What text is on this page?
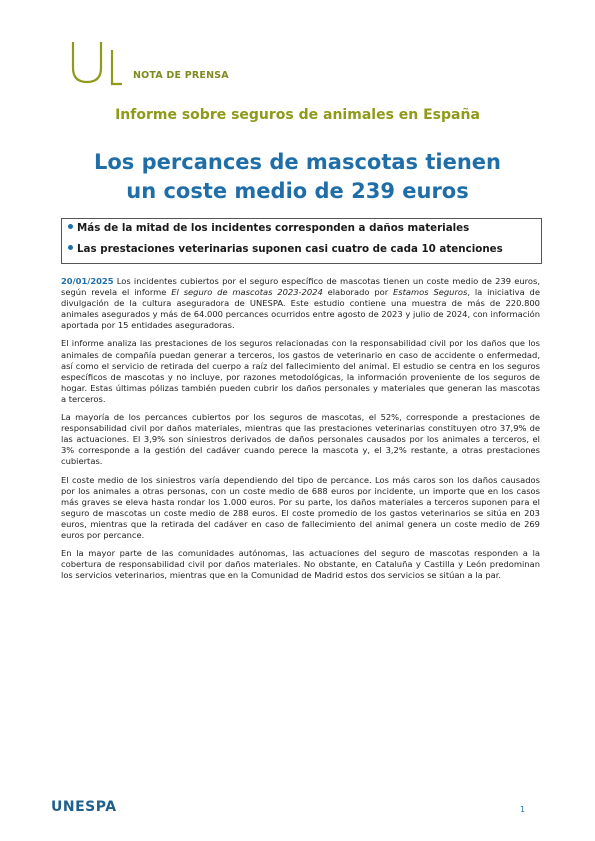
NOTA DE PRENSA
Informe sobre seguros de animales en España
Los percances de mascotas tienen
un coste medio de 239 euros
Más de la mitad de los incidentes corresponden a daños materiales
Las prestaciones veterinarias suponen casi cuatro de cada 10 atenciones

20/01/2025 Los incidentes cubiertos por el seguro específico de mascotas tienen un coste medio de 239 euros, según revela el informe El seguro de mascotas 2023-2024 elaborado por Estamos Seguros, la iniciativa de divulgación de la cultura aseguradora de UNESPA. Este estudio contiene una muestra de más de 220.800 animales asegurados y más de 64.000 percances ocurridos entre agosto de 2023 y julio de 2024, con información aportada por 15 entidades aseguradoras.

El informe analiza las prestaciones de los seguros relacionadas con la responsabilidad civil por los daños que los animales de compañía puedan generar a terceros, los gastos de veterinario en caso de accidente o enfermedad, así como el servicio de retirada del cuerpo a raíz del fallecimiento del animal. El estudio se centra en los seguros específicos de mascotas y no incluye, por razones metodológicas, la información proveniente de los seguros de hogar. Estas últimas pólizas también pueden cubrir los daños personales y materiales que generan las mascotas a terceros.

La mayoría de los percances cubiertos por los seguros de mascotas, el 52%, corresponde a prestaciones de responsabilidad civil por daños materiales, mientras que las prestaciones veterinarias constituyen otro 37,9% de las actuaciones. El 3,9% son siniestros derivados de daños personales causados por los animales a terceros, el 3% corresponde a la gestión del cadáver cuando perece la mascota y, el 3,2% restante, a otras prestaciones cubiertas.

El coste medio de los siniestros varía dependiendo del tipo de percance. Los más caros son los daños causados por los animales a otras personas, con un coste medio de 688 euros por incidente, un importe que en los casos más graves se eleva hasta rondar los 1.000 euros. Por su parte, los daños materiales a terceros suponen para el seguro de mascotas un coste medio de 288 euros. El coste promedio de los gastos veterinarios se sitúa en 203 euros, mientras que la retirada del cadáver en caso de fallecimiento del animal genera un coste medio de 269 euros por percance.

En la mayor parte de las comunidades autónomas, las actuaciones del seguro de mascotas responden a la cobertura de responsabilidad civil por daños materiales. No obstante, en Cataluña y Castilla y León predominan los servicios veterinarios, mientras que en la Comunidad de Madrid estos dos servicios se sitúan a la par.

UNESPA	1
